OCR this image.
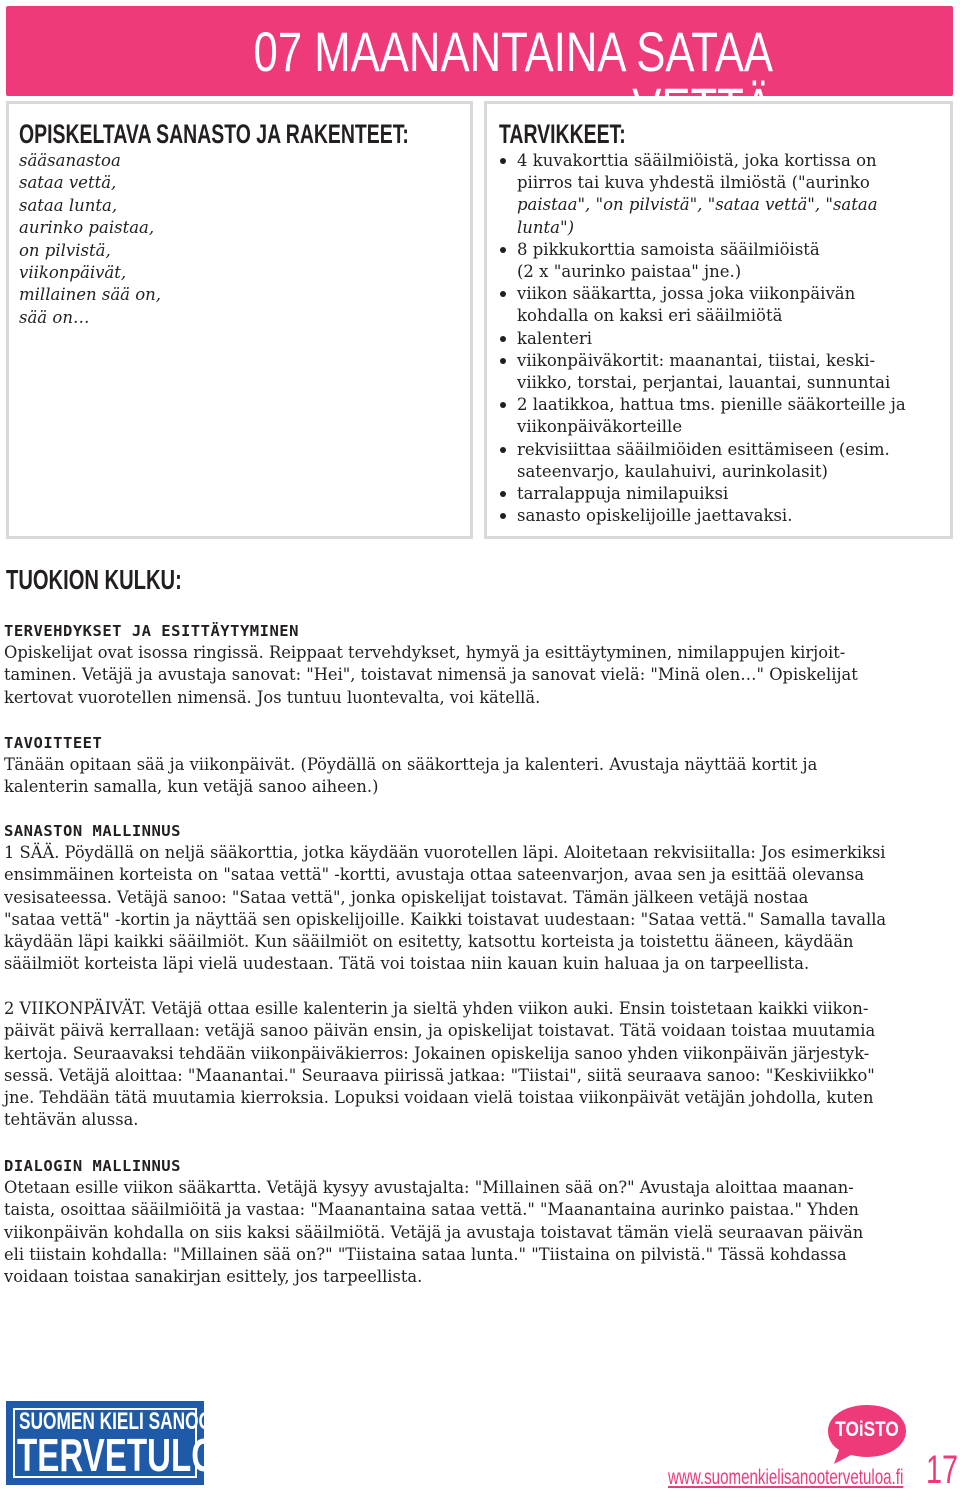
07 MAANANTAINA SATAA
OPISKELTAVA SANASTO JA RAKENTEET:
sääsanastoa
sataa vettä,
sataa lunta,
aurinko paistaa,
on pilvistä,
viikonpäivät,
millainen sää on,
sää on…
TARVIKKEET:
4 kuvakorttia sääilmiöistä, joka kortissa on
piirros tai kuva yhdestä ilmiöstä ("aurinko
paistaa", "on pilvistä", "sataa vettä", "sataa
lunta")
8 pikkukorttia samoista sääilmiöistä
(2 x "aurinko paistaa" jne.)
viikon sääkartta, jossa joka viikonpäivän
kohdalla on kaksi eri sääilmiötä
kalenteri
viikonpäiväkortit: maanantai, tiistai, keski-
viikko, torstai, perjantai, lauantai, sunnuntai
2 laatikkoa, hattua tms. pienille sääkorteille ja
viikonpäiväkorteille
rekvisiittaa sääilmiöiden esittämiseen (esim.
sateenvarjo, kaulahuivi, aurinkolasit)
tarralappuja nimilapuiksi
sanasto opiskelijoille jaettavaksi.
TUOKION KULKU:
TERVEHDYKSET JA ESITTÄYTYMINEN

Opiskelijat ovat isossa ringissä. Reippaat tervehdykset, hymyä ja esittäytyminen, nimilappujen kirjoit-

taminen. Vetäjä ja avustaja sanovat: "Hei", toistavat nimensä ja sanovat vielä: "Minä olen…" Opiskelijat

kertovat vuorotellen nimensä. Jos tuntuu luontevalta, voi kätellä.

TAVOITTEET

Tänään opitaan sää ja viikonpäivät. (Pöydällä on sääkortteja ja kalenteri. Avustaja näyttää kortit ja

kalenterin samalla, kun vetäjä sanoo aiheen.)

SANASTON MALLINNUS

1 SÄÄ. Pöydällä on neljä sääkorttia, jotka käydään vuorotellen läpi. Aloitetaan rekvisiitalla: Jos esimerkiksi

ensimmäinen korteista on "sataa vettä" -kortti, avustaja ottaa sateenvarjon, avaa sen ja esittää olevansa

vesisateessa. Vetäjä sanoo: "Sataa vettä", jonka opiskelijat toistavat. Tämän jälkeen vetäjä nostaa

"sataa vettä" -kortin ja näyttää sen opiskelijoille. Kaikki toistavat uudestaan: "Sataa vettä." Samalla tavalla

käydään läpi kaikki sääilmiöt. Kun sääilmiöt on esitetty, katsottu korteista ja toistettu ääneen, käydään

sääilmiöt korteista läpi vielä uudestaan. Tätä voi toistaa niin kauan kuin haluaa ja on tarpeellista.

2 VIIKONPÄIVÄT. Vetäjä ottaa esille kalenterin ja sieltä yhden viikon auki. Ensin toistetaan kaikki viikon-

päivät päivä kerrallaan: vetäjä sanoo päivän ensin, ja opiskelijat toistavat. Tätä voidaan toistaa muutamia

kertoja. Seuraavaksi tehdään viikonpäiväkierros: Jokainen opiskelija sanoo yhden viikonpäivän järjestyk-

sessä. Vetäjä aloittaa: "Maanantai." Seuraava piirissä jatkaa: "Tiistai", siitä seuraava sanoo: "Keskiviikko"

jne. Tehdään tätä muutamia kierroksia. Lopuksi voidaan vielä toistaa viikonpäivät vetäjän johdolla, kuten

tehtävän alussa.

DIALOGIN MALLINNUS

Otetaan esille viikon sääkartta. Vetäjä kysyy avustajalta: "Millainen sää on?" Avustaja aloittaa maanan-

taista, osoittaa sääilmiöitä ja vastaa: "Maanantaina sataa vettä." "Maanantaina aurinko paistaa." Yhden

viikonpäivän kohdalla on siis kaksi sääilmiötä. Vetäjä ja avustaja toistavat tämän vielä seuraavan päivän

eli tiistain kohdalla: "Millainen sää on?" "Tiistaina sataa lunta." "Tiistaina on pilvistä." Tässä kohdassa

voidaan toistaa sanakirjan esittely, jos tarpeellista.

SUOMEN KIELI SANOO
TERVETULOA	TOiSTO
www.suomenkielisanootervetuloa.fi 17
